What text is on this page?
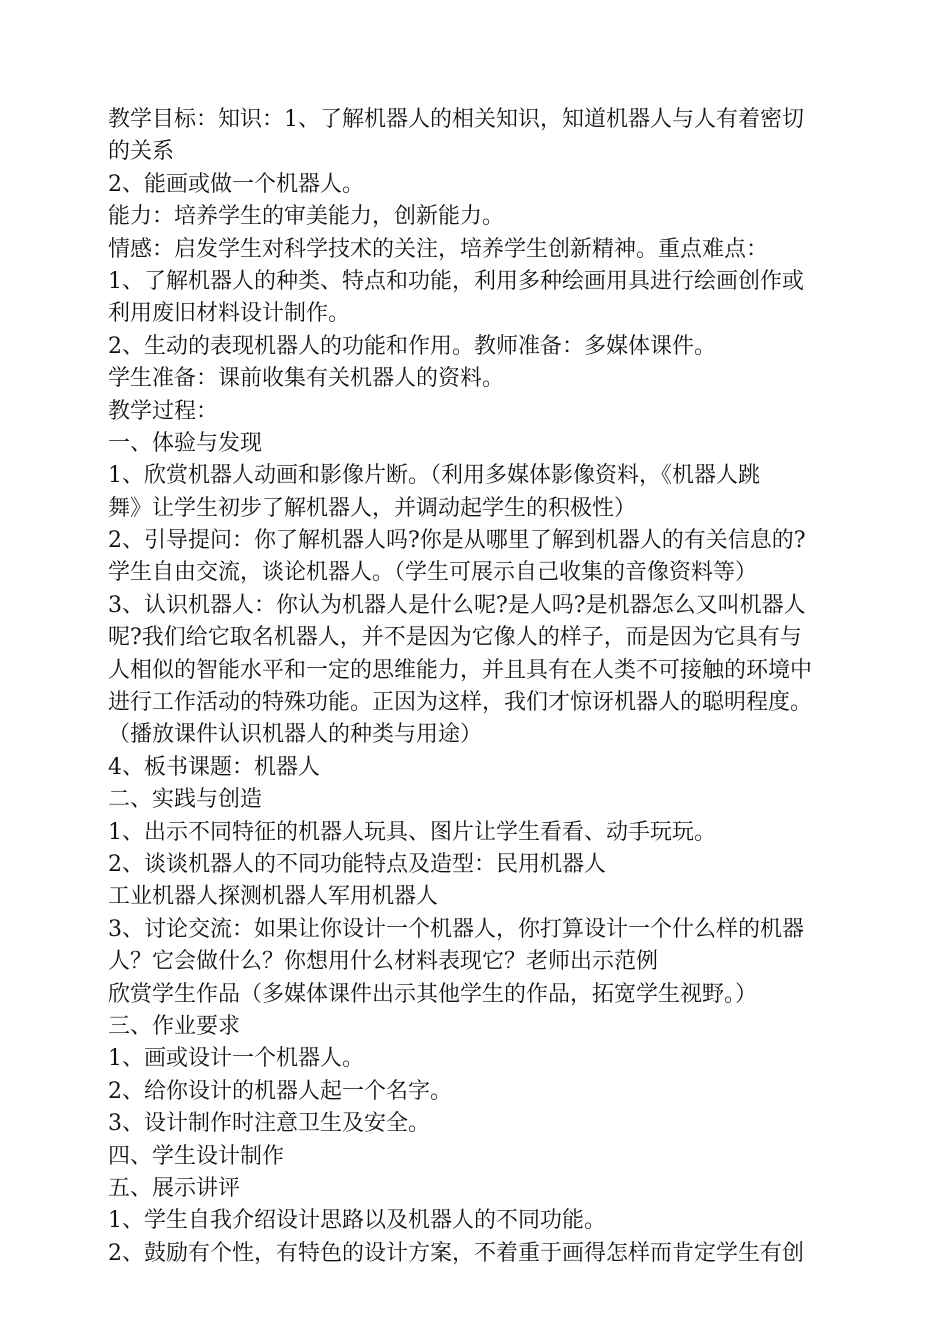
教学目标：知识：1、了解机器人的相关知识，知道机器人与人有着密切
的关系
2、能画或做一个机器人。
能力：培养学生的审美能力，创新能力。
情感：启发学生对科学技术的关注，培养学生创新精神。重点难点：
1、了解机器人的种类、特点和功能，利用多种绘画用具进行绘画创作或
利用废旧材料设计制作。
2、生动的表现机器人的功能和作用。教师准备：多媒体课件。
学生准备：课前收集有关机器人的资料。
教学过程：
一、体验与发现
1、欣赏机器人动画和影像片断。（利用多媒体影像资料，《机器人跳
舞》让学生初步了解机器人，并调动起学生的积极性）
2、引导提问：你了解机器人吗?你是从哪里了解到机器人的有关信息的?
学生自由交流，谈论机器人。（学生可展示自己收集的音像资料等）
3、认识机器人：你认为机器人是什么呢?是人吗?是机器怎么又叫机器人
呢?我们给它取名机器人，并不是因为它像人的样子，而是因为它具有与
人相似的智能水平和一定的思维能力，并且具有在人类不可接触的环境中
进行工作活动的特殊功能。正因为这样，我们才惊讶机器人的聪明程度。
（播放课件认识机器人的种类与用途）
4、板书课题：机器人
二、实践与创造
1、出示不同特征的机器人玩具、图片让学生看看、动手玩玩。
2、谈谈机器人的不同功能特点及造型：民用机器人
工业机器人探测机器人军用机器人
3、讨论交流：如果让你设计一个机器人，你打算设计一个什么样的机器
人？它会做什么？你想用什么材料表现它？老师出示范例
欣赏学生作品（多媒体课件出示其他学生的作品，拓宽学生视野。）
三、作业要求
1、画或设计一个机器人。
2、给你设计的机器人起一个名字。
3、设计制作时注意卫生及安全。
四、学生设计制作
五、展示讲评
1、学生自我介绍设计思路以及机器人的不同功能。
2、鼓励有个性，有特色的设计方案，不着重于画得怎样而肯定学生有创
